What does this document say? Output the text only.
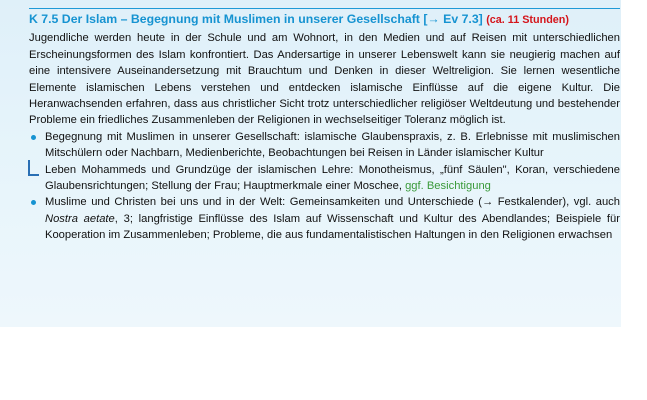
K 7.5 Der Islam – Begegnung mit Muslimen in unserer Gesellschaft [→ Ev 7.3] (ca. 11 Stunden)

Jugendliche werden heute in der Schule und am Wohnort, in den Medien und auf Reisen mit unterschiedlichen Erscheinungsformen des Islam konfrontiert. Das Andersartige in unserer Lebenswelt kann sie neugierig machen auf eine intensivere Auseinandersetzung mit Brauchtum und Denken in dieser Weltreligion. Sie lernen wesentliche Elemente islamischen Lebens verstehen und entdecken islamische Einflüsse auf die eigene Kultur. Die Heranwachsenden erfahren, dass aus christlicher Sicht trotz unterschiedlicher religiöser Weltdeutung und bestehender Probleme ein friedliches Zusammenleben der Religionen in wechselseitiger Toleranz möglich ist.

Begegnung mit Muslimen in unserer Gesellschaft: islamische Glaubenspraxis, z. B. Erlebnisse mit muslimischen Mitschülern oder Nachbarn, Medienberichte, Beobachtungen bei Reisen in Länder islamischer Kultur
Leben Mohammeds und Grundzüge der islamischen Lehre: Monotheismus, „fünf Säulen", Koran, verschiedene Glaubensrichtungen; Stellung der Frau; Hauptmerkmale einer Moschee, ggf. Besichtigung
Muslime und Christen bei uns und in der Welt: Gemeinsamkeiten und Unterschiede (→ Festkalender), vgl. auch Nostra aetate, 3; langfristige Einflüsse des Islam auf Wissenschaft und Kultur des Abendlandes; Beispiele für Kooperation im Zusammenleben; Probleme, die aus fundamentalistischen Haltungen in den Religionen erwachsen
